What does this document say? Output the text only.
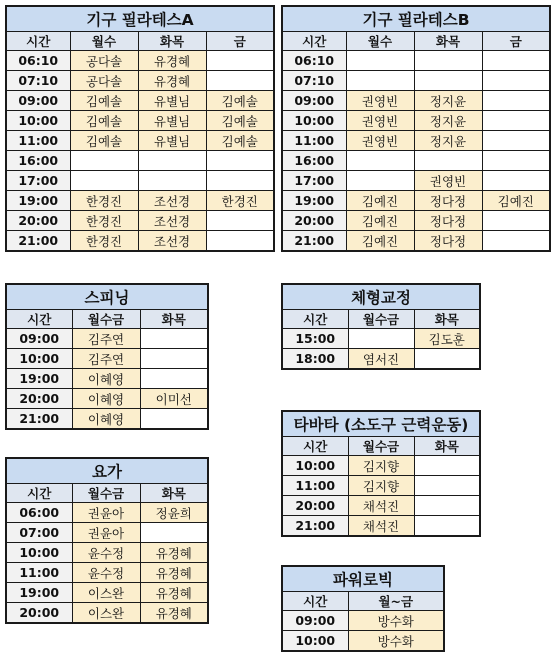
기구 필라테스A			
시간	월수	화목	금
06:10	공다솔	유경혜	
07:10	공다솔	유경혜	
09:00	김예솔	유별님	김예솔
10:00	김예솔	유별님	김예솔
11:00	김예솔	유별님	김예솔
16:00			
17:00			
19:00	한경진	조선경	한경진
20:00	한경진	조선경	
21:00	한경진	조선경	
기구 필라테스B			
시간	월수	화목	금
06:10			
07:10			
09:00	권영빈	정지윤	
10:00	권영빈	정지윤	
11:00	권영빈	정지윤	
16:00			
17:00		권영빈	
19:00	김예진	정다정	김예진
20:00	김예진	정다정	
21:00	김예진	정다정	
스피닝		
시간	월수금	화목
09:00	김주연	
10:00	김주연	
19:00	이혜영	
20:00	이혜영	이미선
21:00	이혜영	
요가		
시간	월수금	화목
06:00	권윤아	정윤희
07:00	권윤아	
10:00	윤수정	유경혜
11:00	윤수정	유경혜
19:00	이스완	유경혜
20:00	이스완	유경혜
체형교정		
시간	월수금	화목
15:00		김도훈
18:00	염서진	
타바타 (소도구 근력운동)		
시간	월수금	화목
10:00	김지향	
11:00	김지향	
20:00	채석진	
21:00	채석진	
파워로빅	
시간	월~금
09:00	방수화
10:00	방수화
